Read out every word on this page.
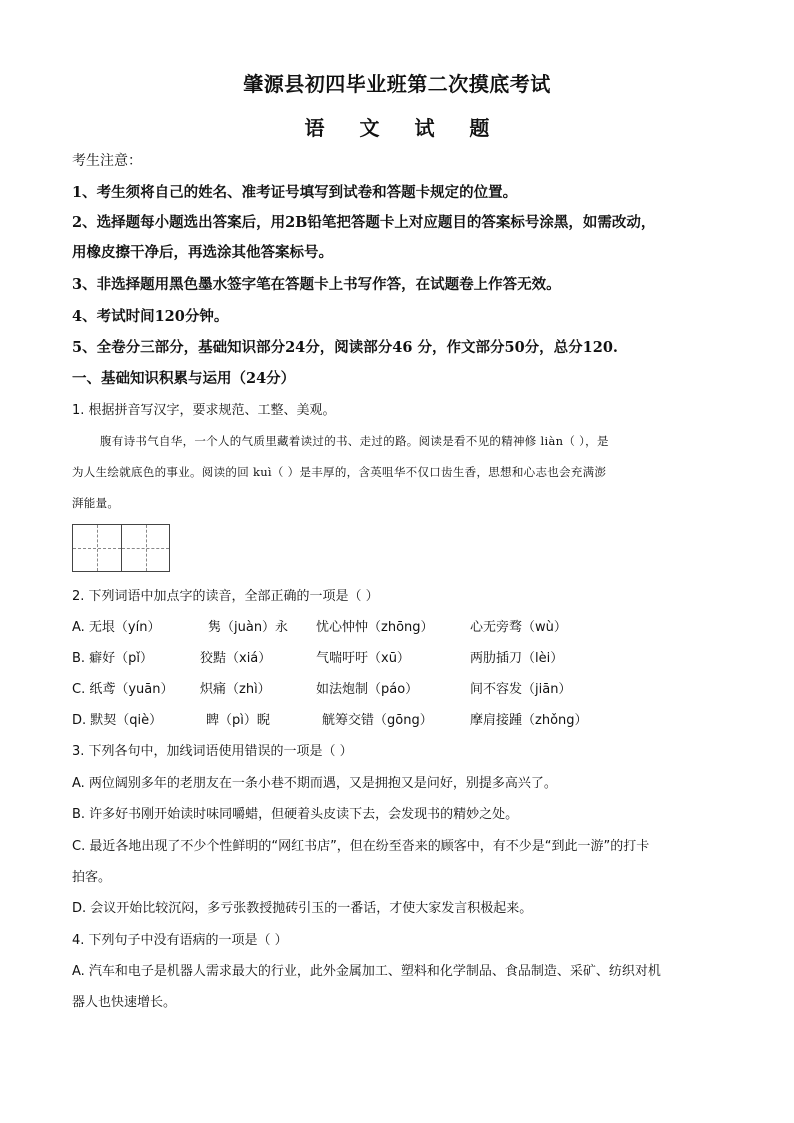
肇源县初四毕业班第二次摸底考试
语 文 试 题
考生注意：
1、考生须将自己的姓名、准考证号填写到试卷和答题卡规定的位置。
2、选择题每小题选出答案后，用2B铅笔把答题卡上对应题目的答案标号涂黑，如需改动，
用橡皮擦干净后，再选涂其他答案标号。
3、非选择题用黑色墨水签字笔在答题卡上书写作答，在试题卷上作答无效。
4、考试时间120分钟。
5、全卷分三部分，基础知识部分24分，阅读部分46 分，作文部分50分，总分120.
一、基础知识积累与运用（24分）
1. 根据拼音写汉字，要求规范、工整、美观。
腹有诗书气自华，一个人的气质里藏着读过的书、走过的路。阅读是看不见的精神修 liàn（ ），是
为人生绘就底色的事业。阅读的回 kuì（ ）是丰厚的，含英咀华不仅口齿生香，思想和心志也会充满澎
湃能量。
2. 下列词语中加点字的读音，全部正确的一项是（ ）
A. 无垠（yín）	隽（juàn）永 忧心忡忡（zhōng）	心无旁骛（wù）
B. 癖好（pǐ）	狡黠（xiá）	气喘吁吁（xū）	两肋插刀（lèi）
C. 纸鸢（yuān） 炽痛（zhì）	如法炮制（páo）	间不容发（jiān）
D. 默契（qiè）	睥（pì）睨	觥筹交错（gōng）	摩肩接踵（zhǒng）
3. 下列各句中，加线词语使用错误的一项是（ ）
A. 两位阔别多年的老朋友在一条小巷不期而遇，又是拥抱又是问好，别提多高兴了。
B. 许多好书刚开始读时味同嚼蜡，但硬着头皮读下去，会发现书的精妙之处。
C. 最近各地出现了不少个性鲜明的“网红书店”，但在纷至沓来的顾客中，有不少是“到此一游”的打卡
拍客。
D. 会议开始比较沉闷，多亏张教授抛砖引玉的一番话，才使大家发言积极起来。
4. 下列句子中没有语病的一项是（ ）
A. 汽车和电子是机器人需求最大的行业，此外金属加工、塑料和化学制品、食品制造、采矿、纺织对机
器人也快速增长。
